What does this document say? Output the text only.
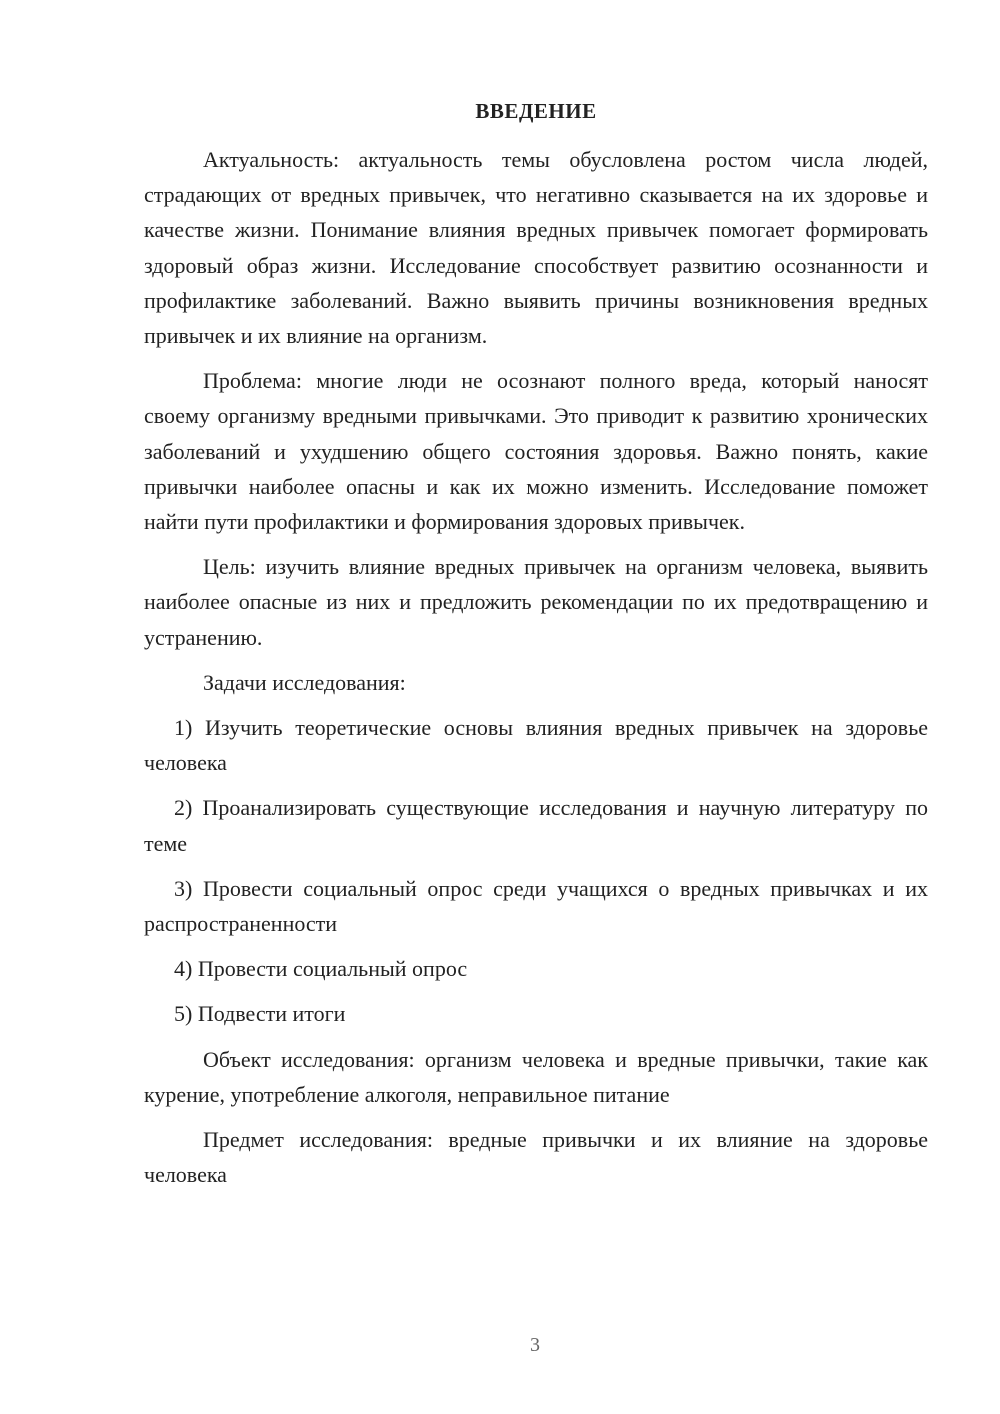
ВВЕДЕНИЕ

Актуальность: актуальность темы обусловлена ростом числа людей, страдающих от вредных привычек, что негативно сказывается на их здоровье и качестве жизни. Понимание влияния вредных привычек помогает формировать здоровый образ жизни. Исследование способствует развитию осознанности и профилактике заболеваний. Важно выявить причины возникновения вредных привычек и их влияние на организм.

Проблема: многие люди не осознают полного вреда, который наносят своему организму вредными привычками. Это приводит к развитию хронических заболеваний и ухудшению общего состояния здоровья. Важно понять, какие привычки наиболее опасны и как их можно изменить. Исследование поможет найти пути профилактики и формирования здоровых привычек.

Цель: изучить влияние вредных привычек на организм человека, выявить наиболее опасные из них и предложить рекомендации по их предотвращению и устранению.

Задачи исследования:

1) Изучить теоретические основы влияния вредных привычек на здоровье человека

2) Проанализировать существующие исследования и научную литературу по теме

3) Провести социальный опрос среди учащихся о вредных привычках и их распространенности

4) Провести социальный опрос

5) Подвести итоги

Объект исследования: организм человека и вредные привычки, такие как курение, употребление алкоголя, неправильное питание

Предмет исследования: вредные привычки и их влияние на здоровье человека

3
